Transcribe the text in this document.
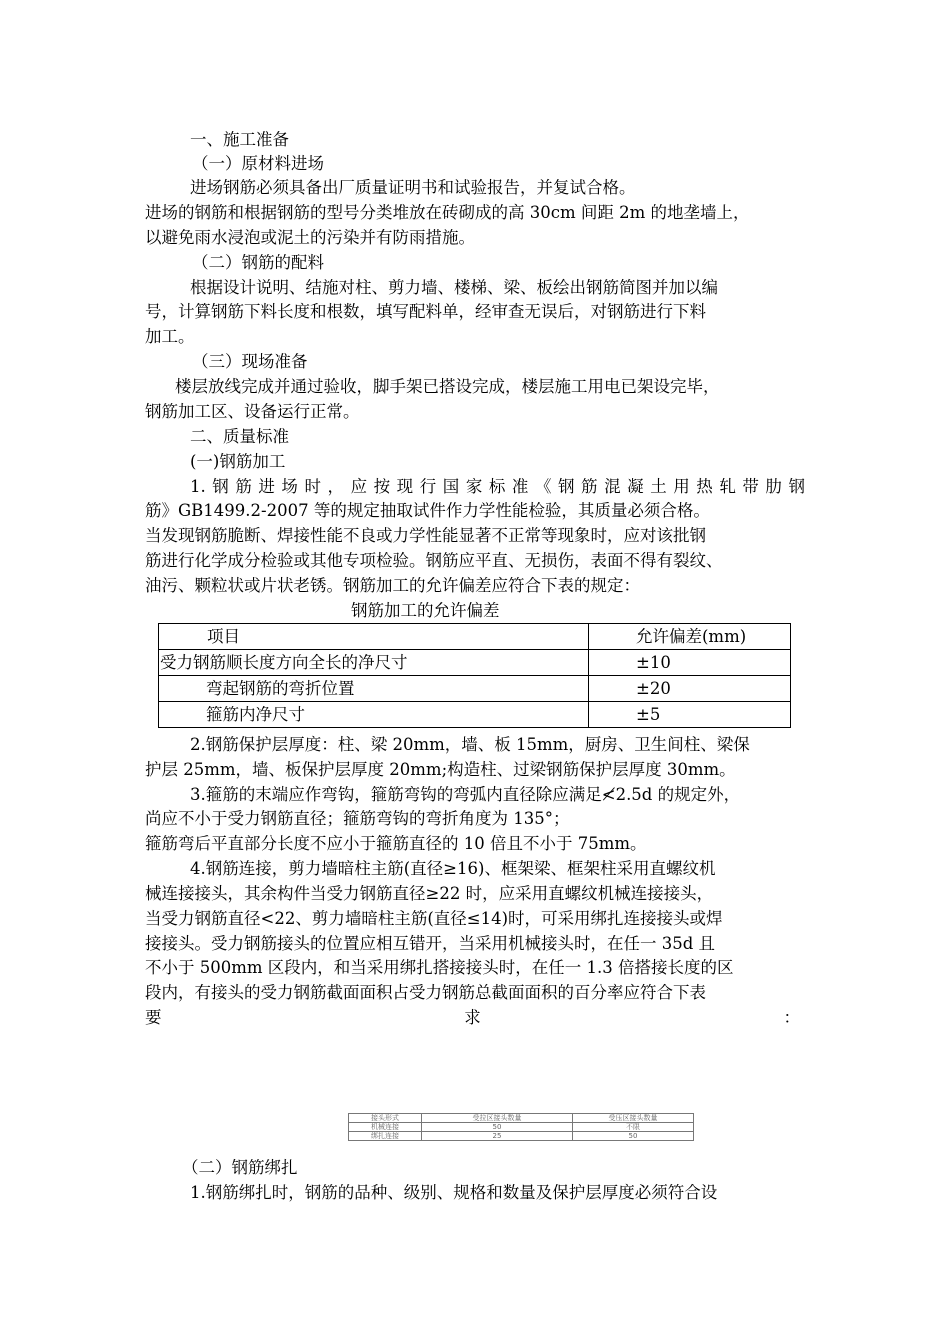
一、施工准备
（一）原材料进场
进场钢筋必须具备出厂质量证明书和试验报告，并复试合格。
进场的钢筋和根据钢筋的型号分类堆放在砖砌成的高 30cm 间距 2m 的地垄墙上，
以避免雨水浸泡或泥土的污染并有防雨措施。
（二）钢筋的配料
根据设计说明、结施对柱、剪力墙、楼梯、梁、板绘出钢筋简图并加以编
号，计算钢筋下料长度和根数，填写配料单，经审查无误后，对钢筋进行下料
加工。
（三）现场准备
楼层放线完成并通过验收，脚手架已搭设完成，楼层施工用电已架设完毕，
钢筋加工区、设备运行正常。
二、质量标准
(一)钢筋加工
1.钢筋进场时，应按现行国家标准《钢筋混凝土用热轧带肋钢
筋》GB1499.2-2007 等的规定抽取试件作力学性能检验，其质量必须合格。
当发现钢筋脆断、焊接性能不良或力学性能显著不正常等现象时，应对该批钢
筋进行化学成分检验或其他专项检验。钢筋应平直、无损伤，表面不得有裂纹、
油污、颗粒状或片状老锈。钢筋加工的允许偏差应符合下表的规定：
钢筋加工的允许偏差
项目	允许偏差(mm)
受力钢筋顺长度方向全长的净尺寸	±10
弯起钢筋的弯折位置	±20
箍筋内净尺寸	±5
2.钢筋保护层厚度：柱、梁 20mm，墙、板 15mm，厨房、卫生间柱、梁保
护层 25mm，墙、板保护层厚度 20mm;构造柱、过梁钢筋保护层厚度 30mm。
3.箍筋的末端应作弯钩，箍筋弯钩的弯弧内直径除应满足≮2.5d 的规定外，
尚应不小于受力钢筋直径；箍筋弯钩的弯折角度为 135°；
箍筋弯后平直部分长度不应小于箍筋直径的 10 倍且不小于 75mm。
4.钢筋连接，剪力墙暗柱主筋(直径≥16)、框架梁、框架柱采用直螺纹机
械连接接头，其余构件当受力钢筋直径≥22 时，应采用直螺纹机械连接接头，
当受力钢筋直径<22、剪力墙暗柱主筋(直径≤14)时，可采用绑扎连接接头或焊
接接头。受力钢筋接头的位置应相互错开，当采用机械接头时，在任一 35d 且
不小于 500mm 区段内，和当采用绑扎搭接接头时，在任一 1.3 倍搭接长度的区
段内，有接头的受力钢筋截面面积占受力钢筋总截面面积的百分率应符合下表
要求：
接头形式	受拉区接头数量	受压区接头数量
机械连接	50	不限
绑扎连接	25	50
（二）钢筋绑扎
1.钢筋绑扎时，钢筋的品种、级别、规格和数量及保护层厚度必须符合设
